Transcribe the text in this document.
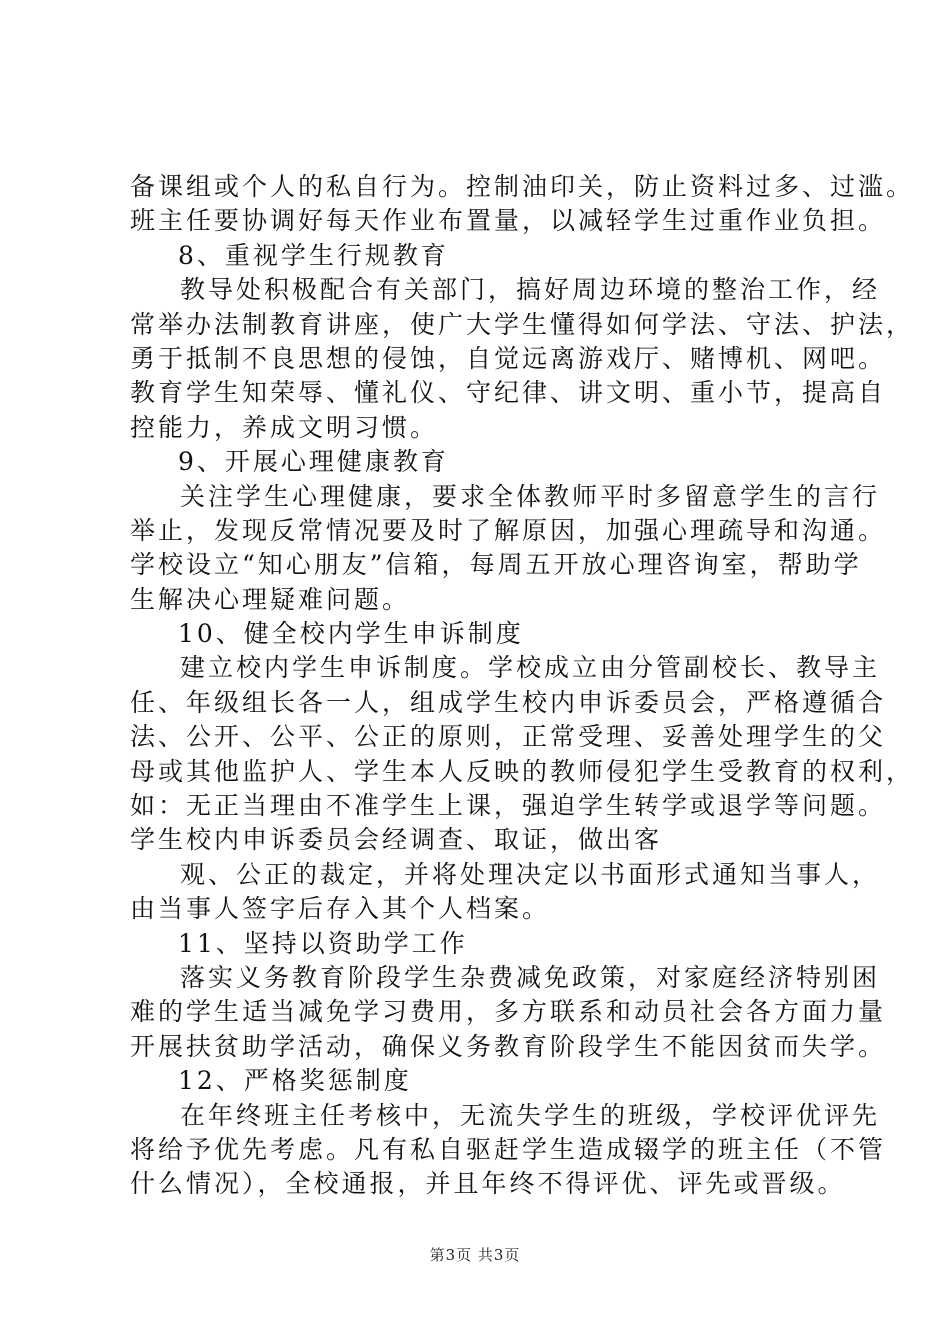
备课组或个人的私自行为。控制油印关，防止资料过多、过滥。
班主任要协调好每天作业布置量，以减轻学生过重作业负担。
8、重视学生行规教育
教导处积极配合有关部门，搞好周边环境的整治工作，经
常举办法制教育讲座，使广大学生懂得如何学法、守法、护法，
勇于抵制不良思想的侵蚀，自觉远离游戏厅、赌博机、网吧。
教育学生知荣辱、懂礼仪、守纪律、讲文明、重小节，提高自
控能力，养成文明习惯。
9、开展心理健康教育
关注学生心理健康，要求全体教师平时多留意学生的言行
举止，发现反常情况要及时了解原因，加强心理疏导和沟通。
学校设立“知心朋友”信箱，每周五开放心理咨询室，帮助学
生解决心理疑难问题。
10、健全校内学生申诉制度
建立校内学生申诉制度。学校成立由分管副校长、教导主
任、年级组长各一人，组成学生校内申诉委员会，严格遵循合
法、公开、公平、公正的原则，正常受理、妥善处理学生的父
母或其他监护人、学生本人反映的教师侵犯学生受教育的权利，
如：无正当理由不准学生上课，强迫学生转学或退学等问题。
学生校内申诉委员会经调查、取证，做出客
观、公正的裁定，并将处理决定以书面形式通知当事人，
由当事人签字后存入其个人档案。
11、坚持以资助学工作
落实义务教育阶段学生杂费减免政策，对家庭经济特别困
难的学生适当减免学习费用，多方联系和动员社会各方面力量
开展扶贫助学活动，确保义务教育阶段学生不能因贫而失学。
12、严格奖惩制度
在年终班主任考核中，无流失学生的班级，学校评优评先
将给予优先考虑。凡有私自驱赶学生造成辍学的班主任（不管
什么情况），全校通报，并且年终不得评优、评先或晋级。
第3页 共3页
